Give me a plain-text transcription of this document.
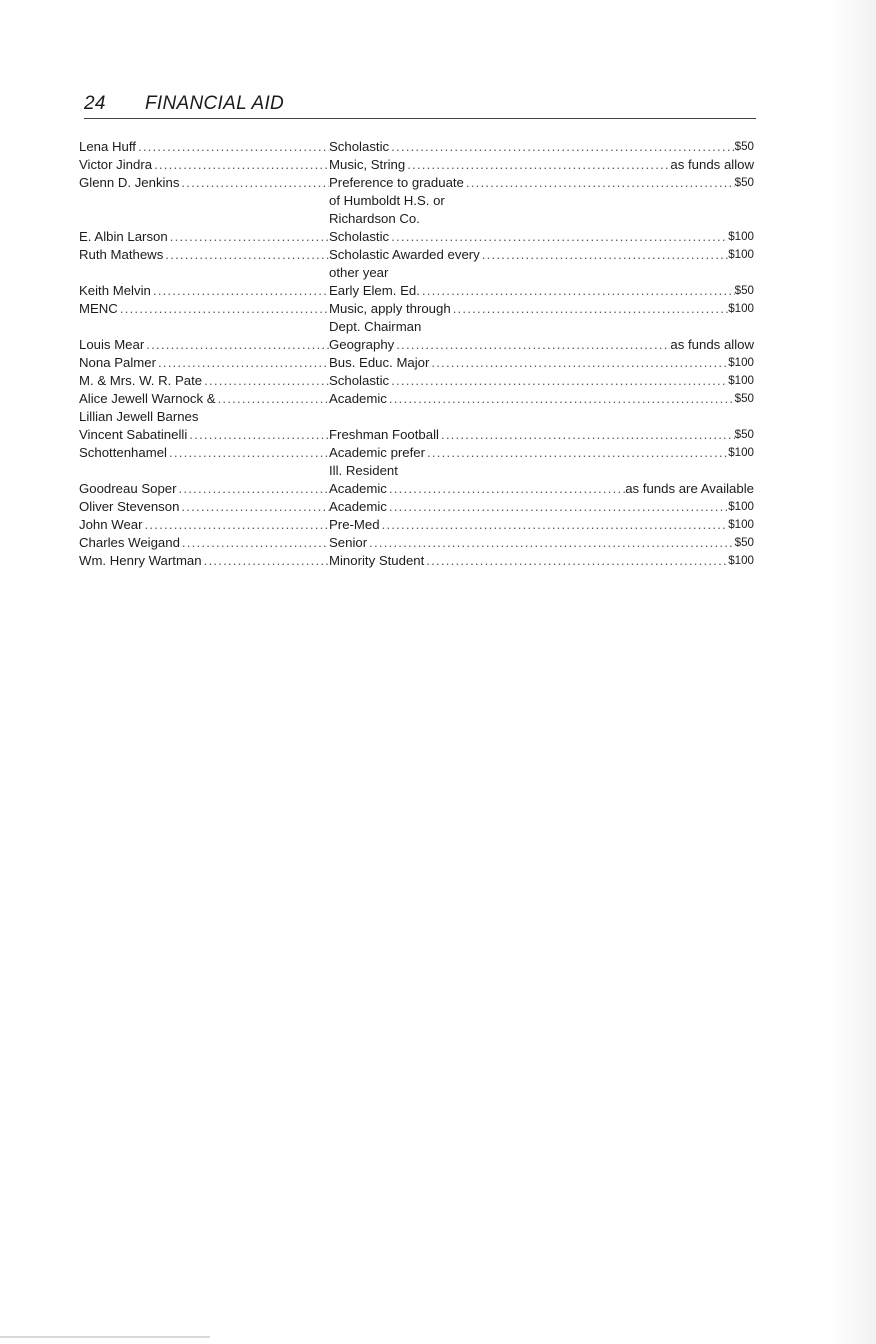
24 FINANCIAL AID
Lena Huff .....	Scholastic .....	$50
Victor Jindra .....	Music, String .....	as funds allow
Glenn D. Jenkins .....	Preference to graduate .....	$50
of Humboldt H.S. or
Richardson Co.
E. Albin Larson .....	Scholastic .....	$100
Ruth Mathews .....	Scholastic Awarded every .....	$100
other year
Keith Melvin .....	Early Elem. Ed. .....	$50
MENC .....	Music, apply through .....	$100
Dept. Chairman
Louis Mear .....	Geography .....	as funds allow
Nona Palmer .....	Bus. Educ. Major .....	$100
M. & Mrs. W. R. Pate .....	Scholastic .....	$100
Alice Jewell Warnock & .....	Academic .....	$50
Lillian Jewell Barnes
Vincent Sabatinelli .....	Freshman Football .....	$50
Schottenhamel .....	Academic prefer .....	$100
Ill. Resident
Goodreau Soper .....	Academic .....	as funds are Available
Oliver Stevenson .....	Academic .....	$100
John Wear .....	Pre-Med .....	$100
Charles Weigand .....	Senior .....	$50
Wm. Henry Wartman .....	Minority Student .....	$100
